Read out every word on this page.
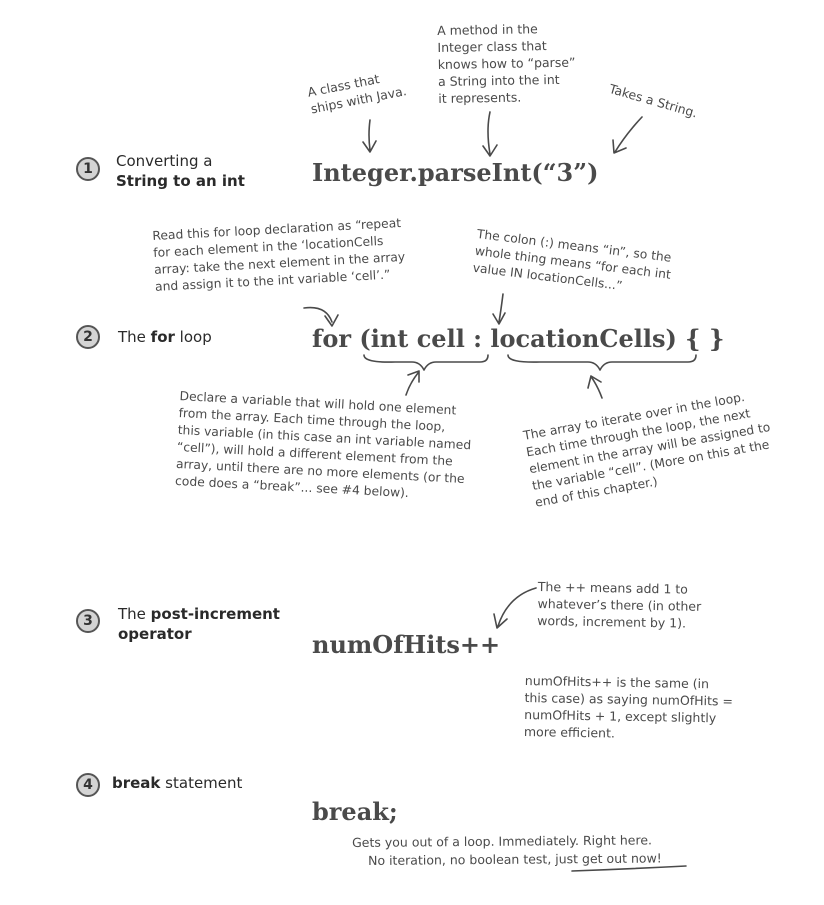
1	Converting a
String to an int	Integer.parseInt(“3”)
A class that
ships with Java.
A method in the
Integer class that
knows how to “parse”
a String into the int
it represents.	Takes a String.
2	The for loop	for (int cell : locationCells) { }
Read this for loop declaration as “repeat
for each element in the ‘locationCells
array: take the next element in the array
and assign it to the int variable ‘cell’.”
The colon (:) means “in”, so the
whole thing means “for each int
value IN locationCells...”
Declare a variable that will hold one element
from the array. Each time through the loop,
this variable (in this case an int variable named
“cell”), will hold a different element from the
array, until there are no more elements (or the
code does a “break”... see #4 below).
The array to iterate over in the loop.
Each time through the loop, the next
element in the array will be assigned to
the variable “cell”. (More on this at the
end of this chapter.)
3	The post-increment
operator	numOfHits++
The ++ means add 1 to
whatever’s there (in other
words, increment by 1).
numOfHits++ is the same (in
this case) as saying numOfHits =
numOfHits + 1, except slightly
more efficient.
4	break statement
break;
Gets you out of a loop. Immediately. Right here.
No iteration, no boolean test, just get out now!
